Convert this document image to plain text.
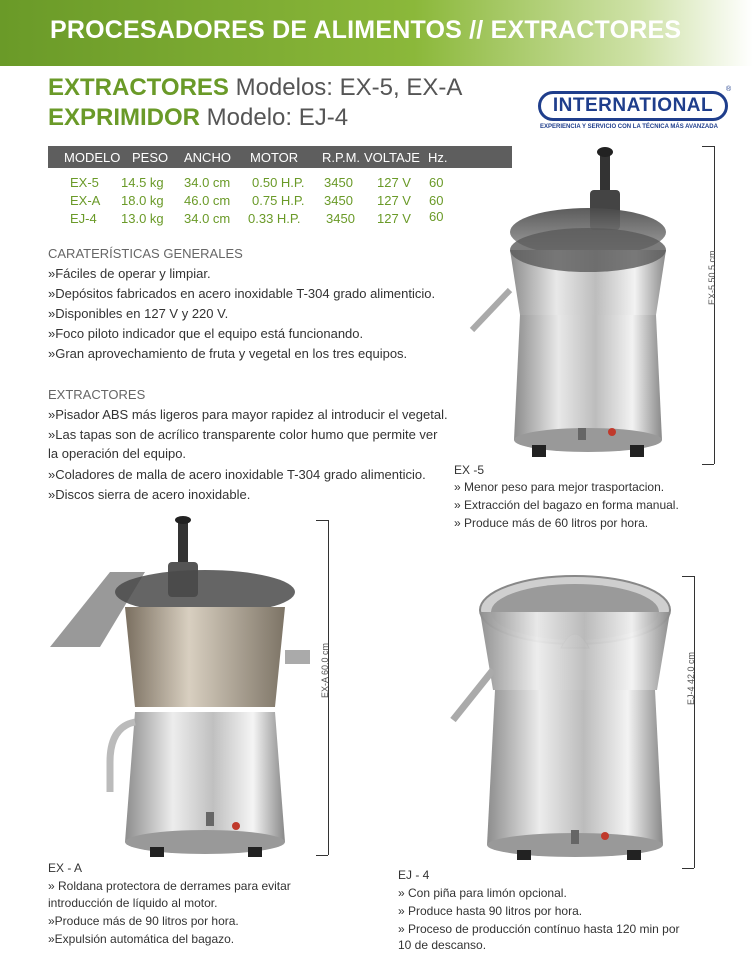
PROCESADORES DE ALIMENTOS // EXTRACTORES
EXTRACTORES Modelos: EX-5, EX-A
EXPRIMIDOR Modelo: EJ-4	INTERNATIONAL
®
EXPERIENCIA Y SERVICIO CON LA TÉCNICA MÁS AVANZADA
MODELO PESO ANCHO MOTOR R.P.M. VOLTAJE Hz.
EX-5 14.5 kg 34.0 cm 0.50 H.P. 3450 127 V 60
EX-A 18.0 kg 46.0 cm 0.75 H.P. 3450 127 V 60
EJ-4 13.0 kg 34.0 cm 0.33 H.P. 3450 127 V 60
CARATERÍSTICAS GENERALES
»Fáciles de operar y limpiar.
»Depósitos fabricados en acero inoxidable T-304 grado alimenticio.
»Disponibles en 127 V y 220 V.
»Foco piloto indicador que el equipo está funcionando.
»Gran aprovechamiento de fruta y vegetal en los tres equipos.
EXTRACTORES
»Pisador ABS más ligeros para mayor rapidez al introducir el vegetal.
»Las tapas son de acrílico transparente color humo que permite ver
la operación del equipo.
»Coladores de malla de acero inoxidable T-304 grado alimenticio.
»Discos sierra de acero inoxidable.
EX-5 50.5 cm
EX -5
» Menor peso para mejor trasportacion.
» Extracción del bagazo en forma manual.
» Produce más de 60 litros por hora.
EX-A 60.0 cm
EX - A
» Roldana protectora de derrames para evitar
introducción de líquido al motor.
»Produce más de 90 litros por hora.
»Expulsión automática del bagazo.
EJ-4 42.0 cm
EJ - 4
» Con piña para limón opcional.
» Produce hasta 90 litros por hora.
» Proceso de producción contínuo hasta 120 min por
10 de descanso.
